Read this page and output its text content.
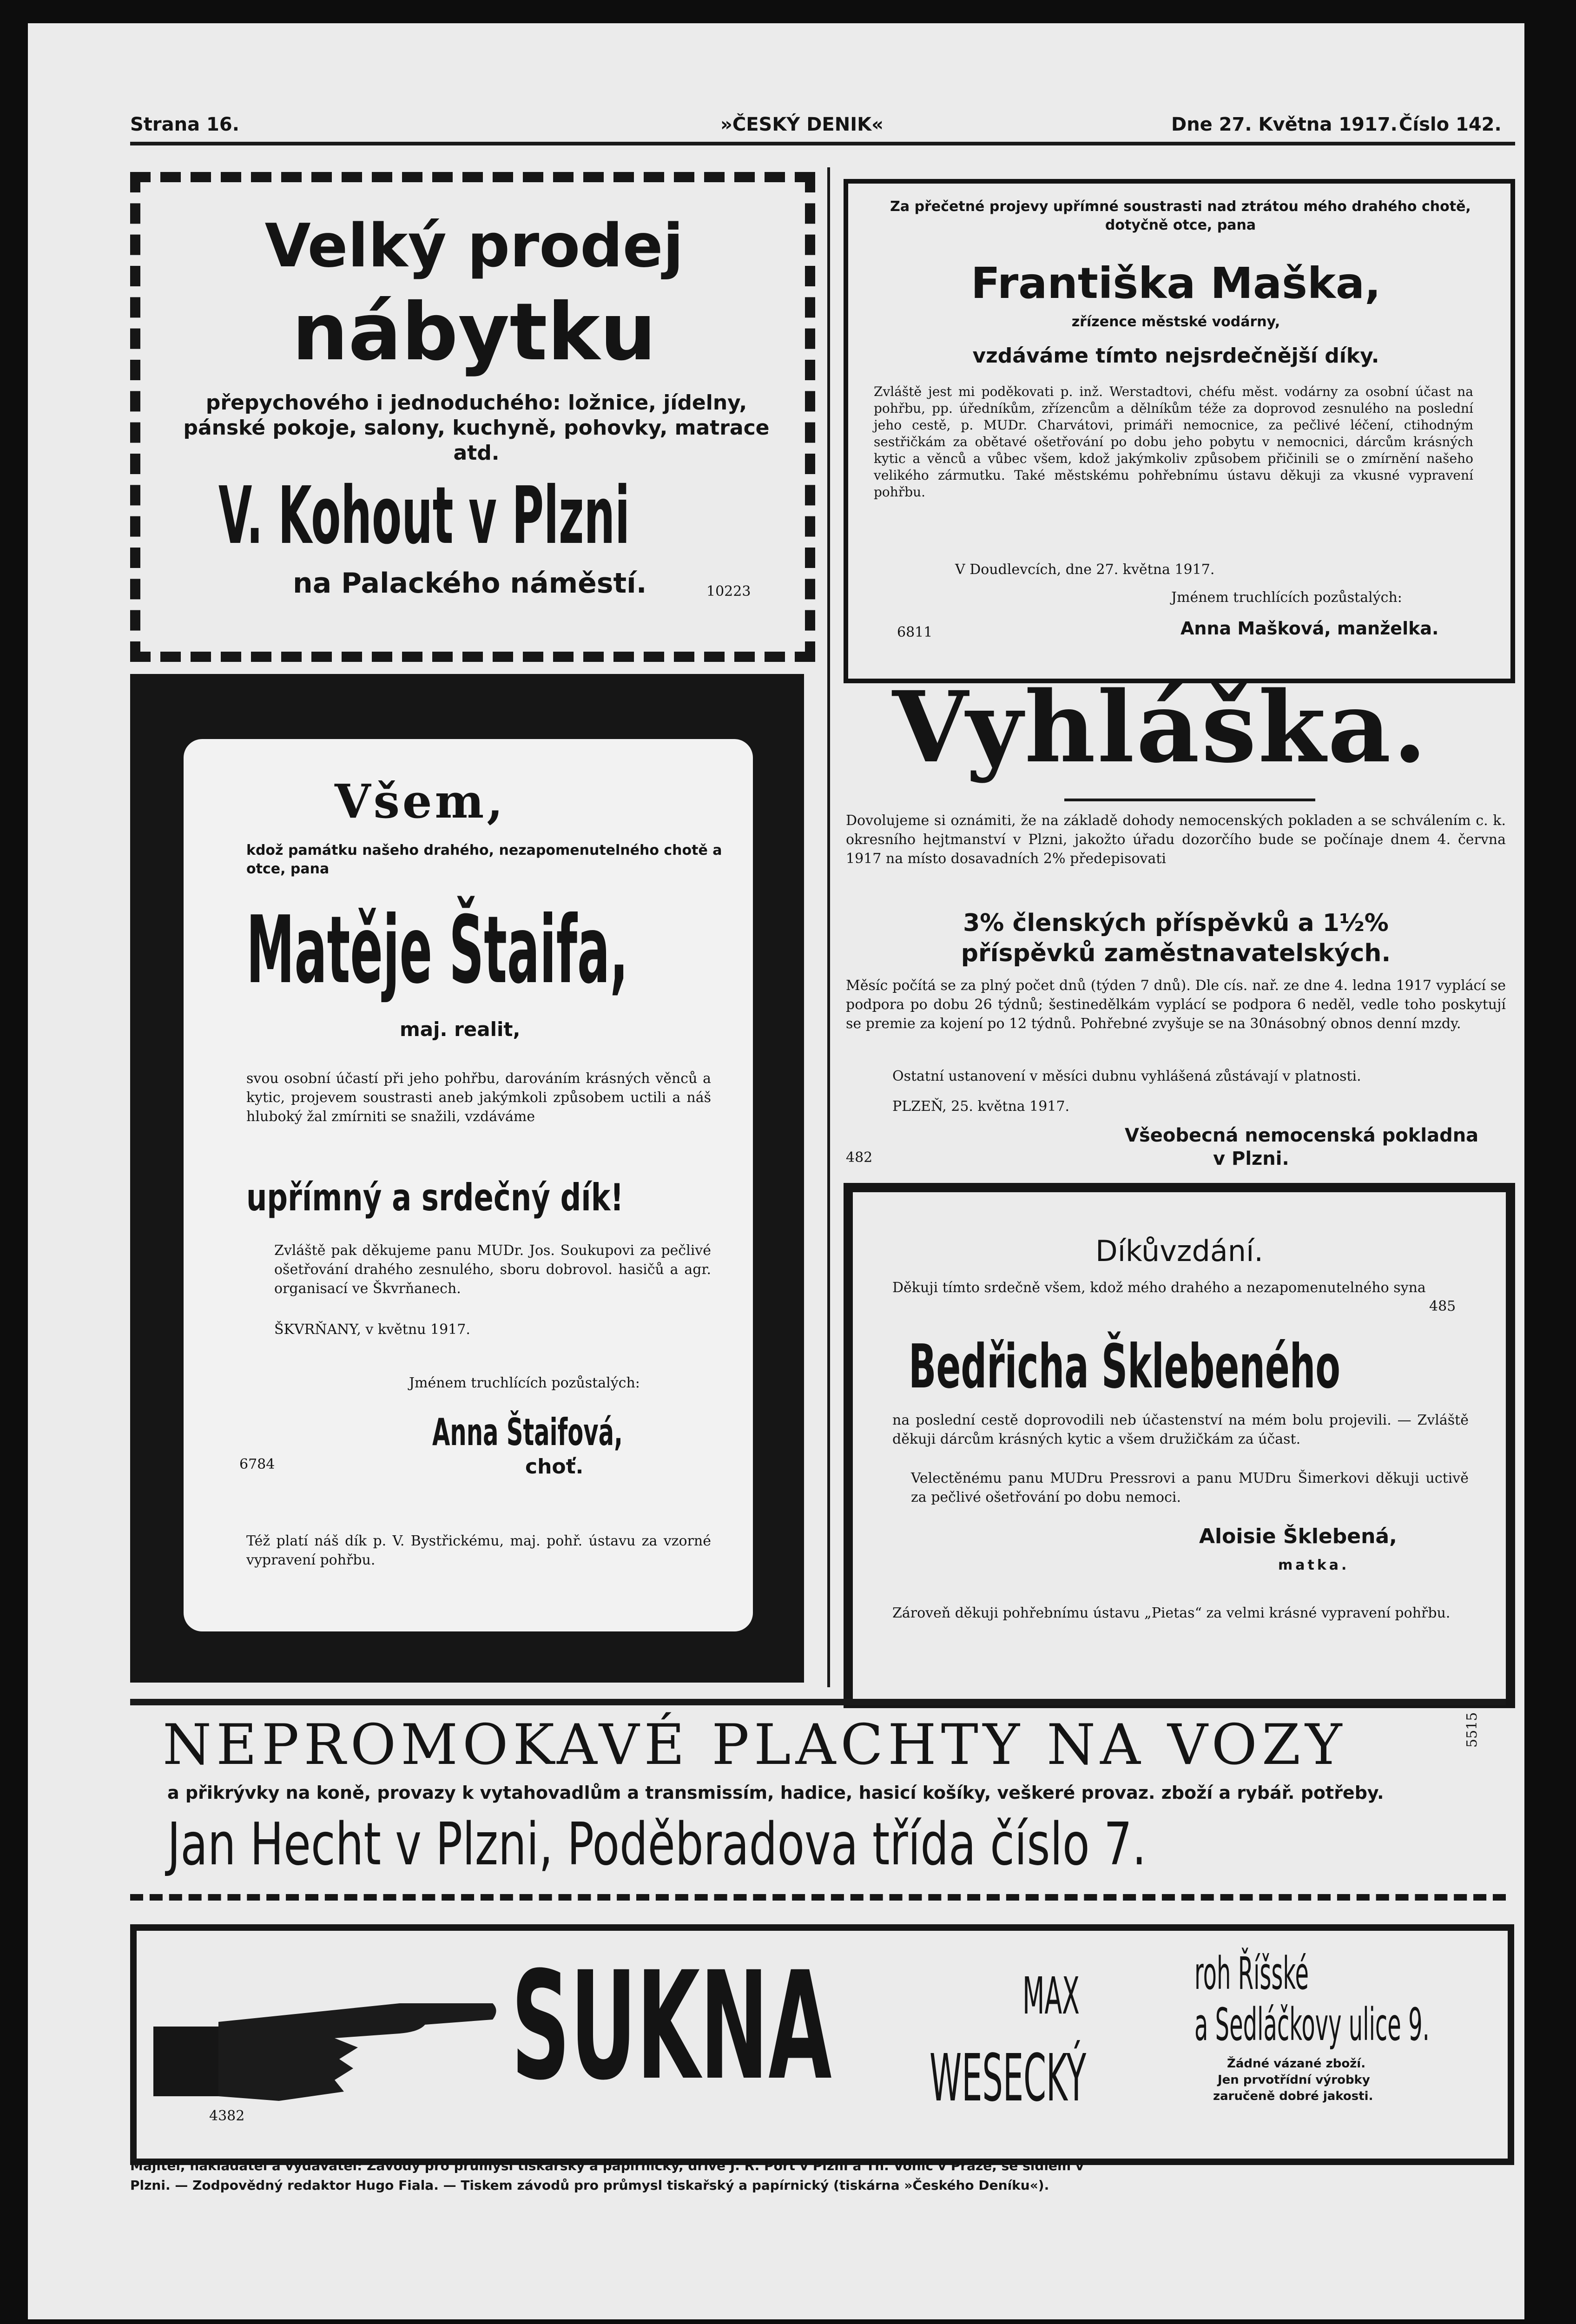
Strana 16.	»ČESKÝ DENIK«	Dne 27. Května 1917. Číslo 142.
Velký prodej
nábytku
přepychového i jednoduchého: ložnice, jídelny, pánské pokoje, salony, kuchyně, pohovky, matrace atd.
V. Kohout v Plzni
na Palackého náměstí.	10223
Za přečetné projevy upřímné soustrasti nad ztrátou mého drahého chotě, dotyčně otce, pana
Františka Maška,
zřízence městské vodárny,
vzdáváme tímto nejsrdečnější díky.
Zvláště jest mi poděkovati p. inž. Werstadtovi, chéfu měst. vodárny za osobní účast na pohřbu, pp. úředníkům, zřízencům a dělníkům téže za doprovod zesnulého na poslední jeho cestě, p. MUDr. Charvátovi, primáři nemocnice, za pečlivé léčení, ctihodným sestřičkám za obětavé ošetřování po dobu jeho pobytu v nemocnici, dárcům krásných kytic a věnců a vůbec všem, kdož jakýmkoliv způsobem přičinili se o zmírnění našeho velikého zármutku. Také městskému pohřebnímu ústavu děkuji za vkusné vypravení pohřbu.
V Doudlevcích, dne 27. května 1917.
Jménem truchlících pozůstalých:
6811	Anna Mašková, manželka.
Všem,
kdož památku našeho drahého, nezapomenutelného chotě a otce, pana
Matěje Štaifa,
maj. realit,
svou osobní účastí při jeho pohřbu, darováním krásných věnců a kytic, projevem soustrasti aneb jakýmkoli způsobem uctili a náš hluboký žal zmírniti se snažili, vzdáváme
upřímný a srdečný dík!
Zvláště pak děkujeme panu MUDr. Jos. Soukupovi za pečlivé ošetřování drahého zesnulého, sboru dobrovol. hasičů a agr. organisací ve Škvrňanech.
ŠKVRŇANY, v květnu 1917.
Jménem truchlících pozůstalých:
Anna Štaifová,
6784	choť.
Též platí náš dík p. V. Bystřickému, maj. pohř. ústavu za vzorné vypravení pohřbu.
Vyhláška.
Dovolujeme si oznámiti, že na základě dohody nemocenských pokladen a se schválením c. k. okresního hejtmanství v Plzni, jakožto úřadu dozorčího bude se počínaje dnem 4. června 1917 na místo dosavadních 2% předepisovati
3% členských příspěvků a 1½%
příspěvků zaměstnavatelských.
Měsíc počítá se za plný počet dnů (týden 7 dnů). Dle cís. nař. ze dne 4. ledna 1917 vyplácí se podpora po dobu 26 týdnů; šestinedělkám vyplácí se podpora 6 neděl, vedle toho poskytují se premie za kojení po 12 týdnů. Pohřebné zvyšuje se na 30násobný obnos denní mzdy.
Ostatní ustanovení v měsíci dubnu vyhlášená zůstávají v platnosti.
PLZEŇ, 25. května 1917.
Všeobecná nemocenská pokladna
v Plzni.
482
Díkůvzdání.
Děkuji tímto srdečně všem, kdož mého drahého a nezapomenutelného syna
485
Bedřicha Šklebeného
na poslední cestě doprovodili neb účastenství na mém bolu projevili. — Zvláště děkuji dárcům krásných kytic a všem družičkám za účast.
Velectěnému panu MUDru Pressrovi a panu MUDru Šimerkovi děkuji uctivě za pečlivé ošetřování po dobu nemoci.
Aloisie Šklebená,
matka.
Zároveň děkuji pohřebnímu ústavu „Pietas“ za velmi krásné vypravení pohřbu.
NEPROMOKAVÉ PLACHTY NA VOZY
a přikrývky na koně, provazy k vytahovadlům a transmissím, hadice, hasicí košíky, veškeré provaz. zboží a rybář. potřeby.
Jan Hecht v Plzni, Poděbradova třída číslo 7.
5515
SUKNA	MAX
WESECKÝ
roh Říšské
a Sedláčkovy ulice 9.
Žádné vázané zboží.
Jen prvotřídní výrobky
zaručeně dobré jakosti.
4382
Majitel, nakladatel a vydavatel: Závody pro průmysl tiskařský a papírnický, dříve J. R. Port v Plzni a Th. Vonic v Praze, se sídlem v
Plzni. — Zodpovědný redaktor Hugo Fiala. — Tiskem závodů pro průmysl tiskařský a papírnický (tiskárna »Českého Deníku«).
